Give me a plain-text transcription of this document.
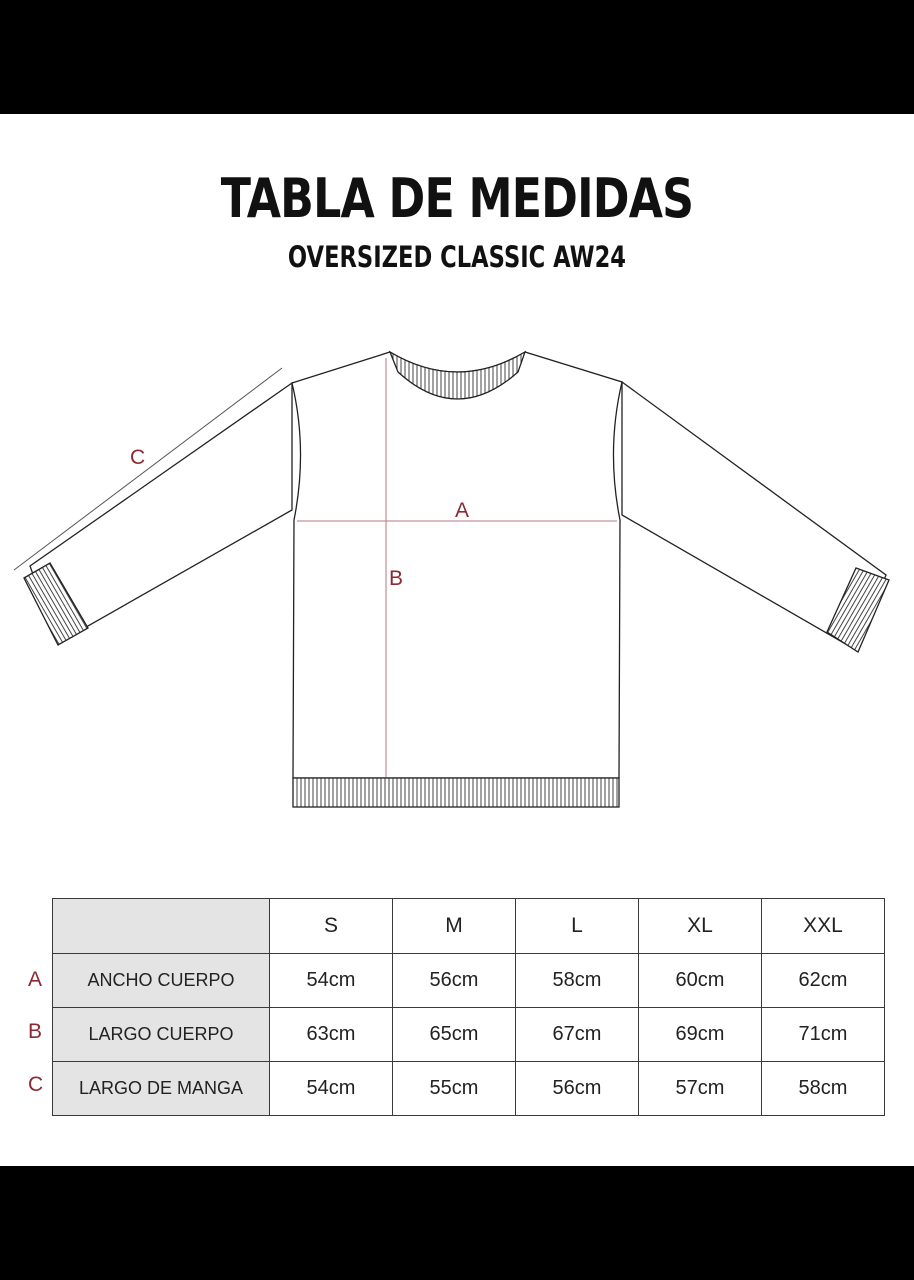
TABLA DE MEDIDAS
OVERSIZED CLASSIC AW24
A
B
C
A
B
C
	S	M	L	XL	XXL
ANCHO CUERPO	54cm	56cm	58cm	60cm	62cm
LARGO CUERPO	63cm	65cm	67cm	69cm	71cm
LARGO DE MANGA	54cm	55cm	56cm	57cm	58cm
